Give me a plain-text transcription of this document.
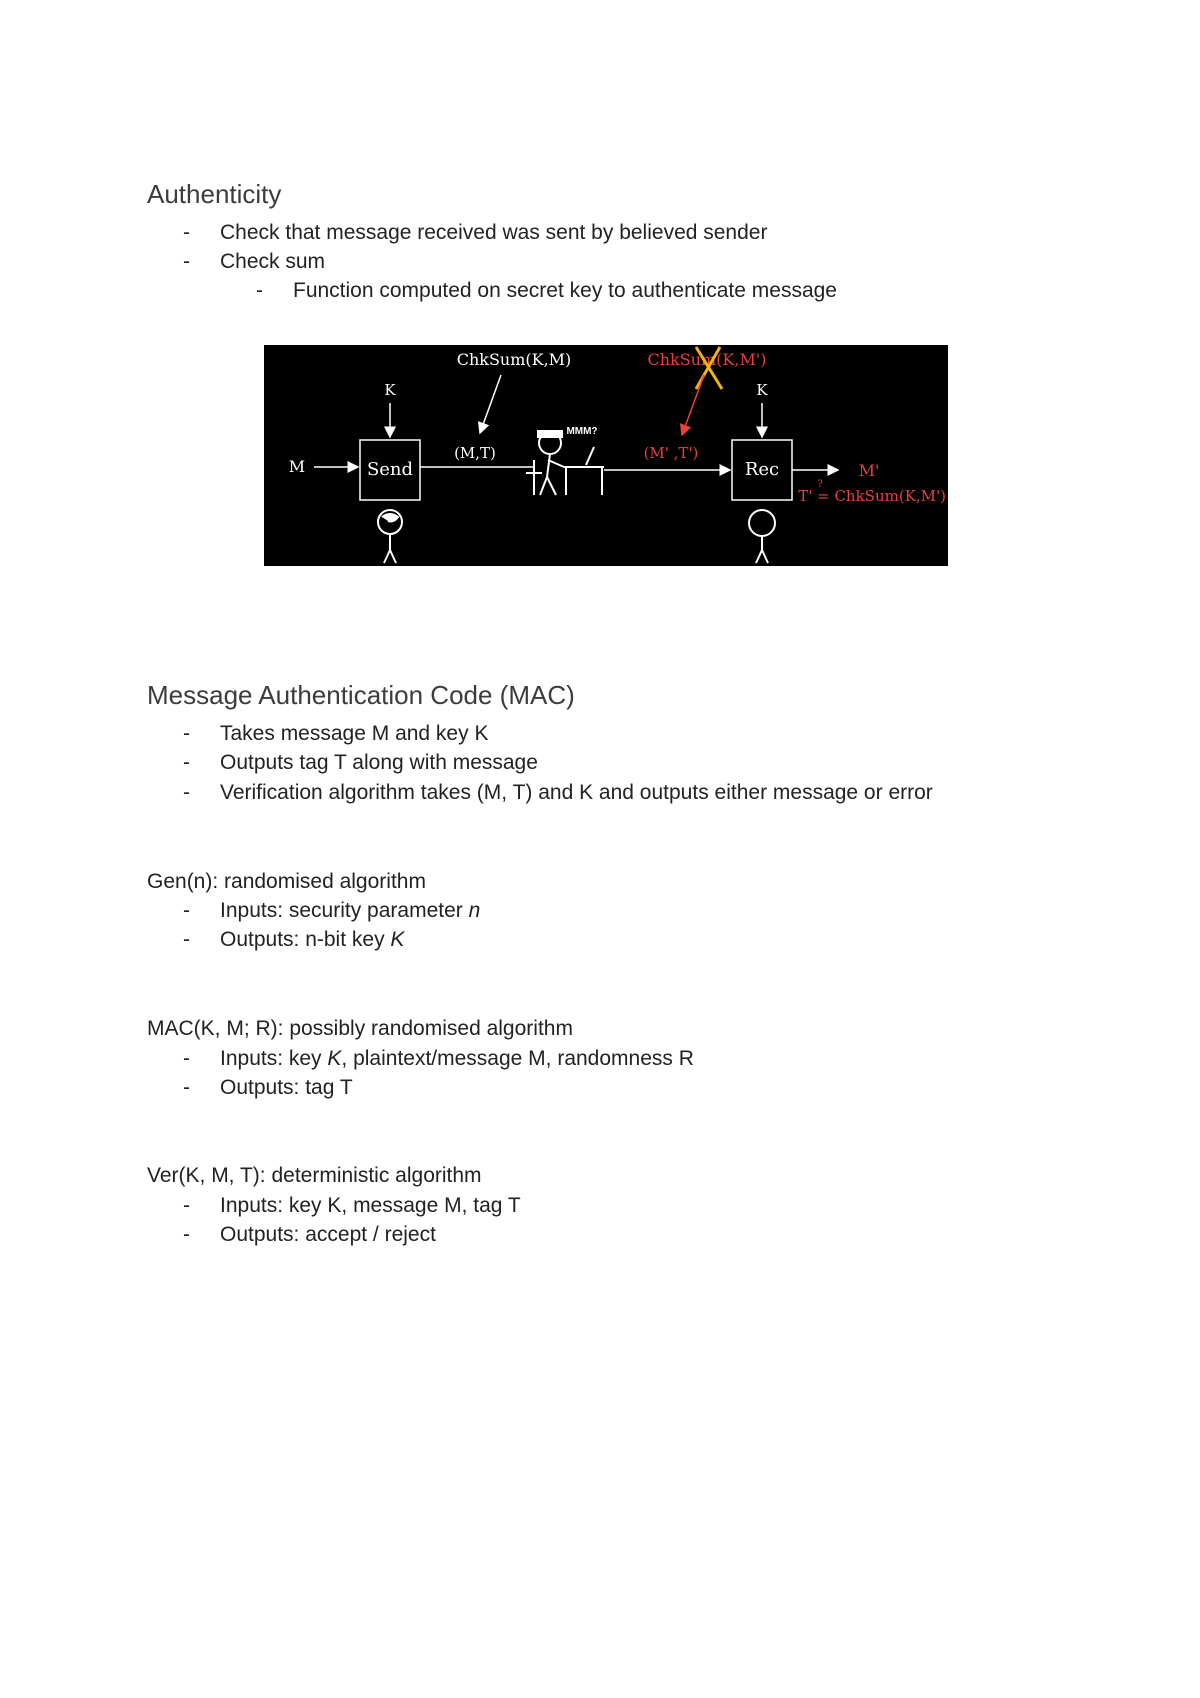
Authenticity
- Check that message received was sent by believed sender
- Check sum
- Function computed on secret key to authenticate message
ChkSum(K,M)	ChkSum(K,M')
K	K
M	Send
(M,T)
MMM?
(M' ,T')
Rec	M'
?
T' = ChkSum(K,M')
Message Authentication Code (MAC)
- Takes message M and key K
- Outputs tag T along with message
- Verification algorithm takes (M, T) and K and outputs either message or error
Gen(n): randomised algorithm
- Inputs: security parameter n
- Outputs: n-bit key K
MAC(K, M; R): possibly randomised algorithm
- Inputs: key K, plaintext/message M, randomness R
- Outputs: tag T
Ver(K, M, T): deterministic algorithm
- Inputs: key K, message M, tag T
- Outputs: accept / reject
